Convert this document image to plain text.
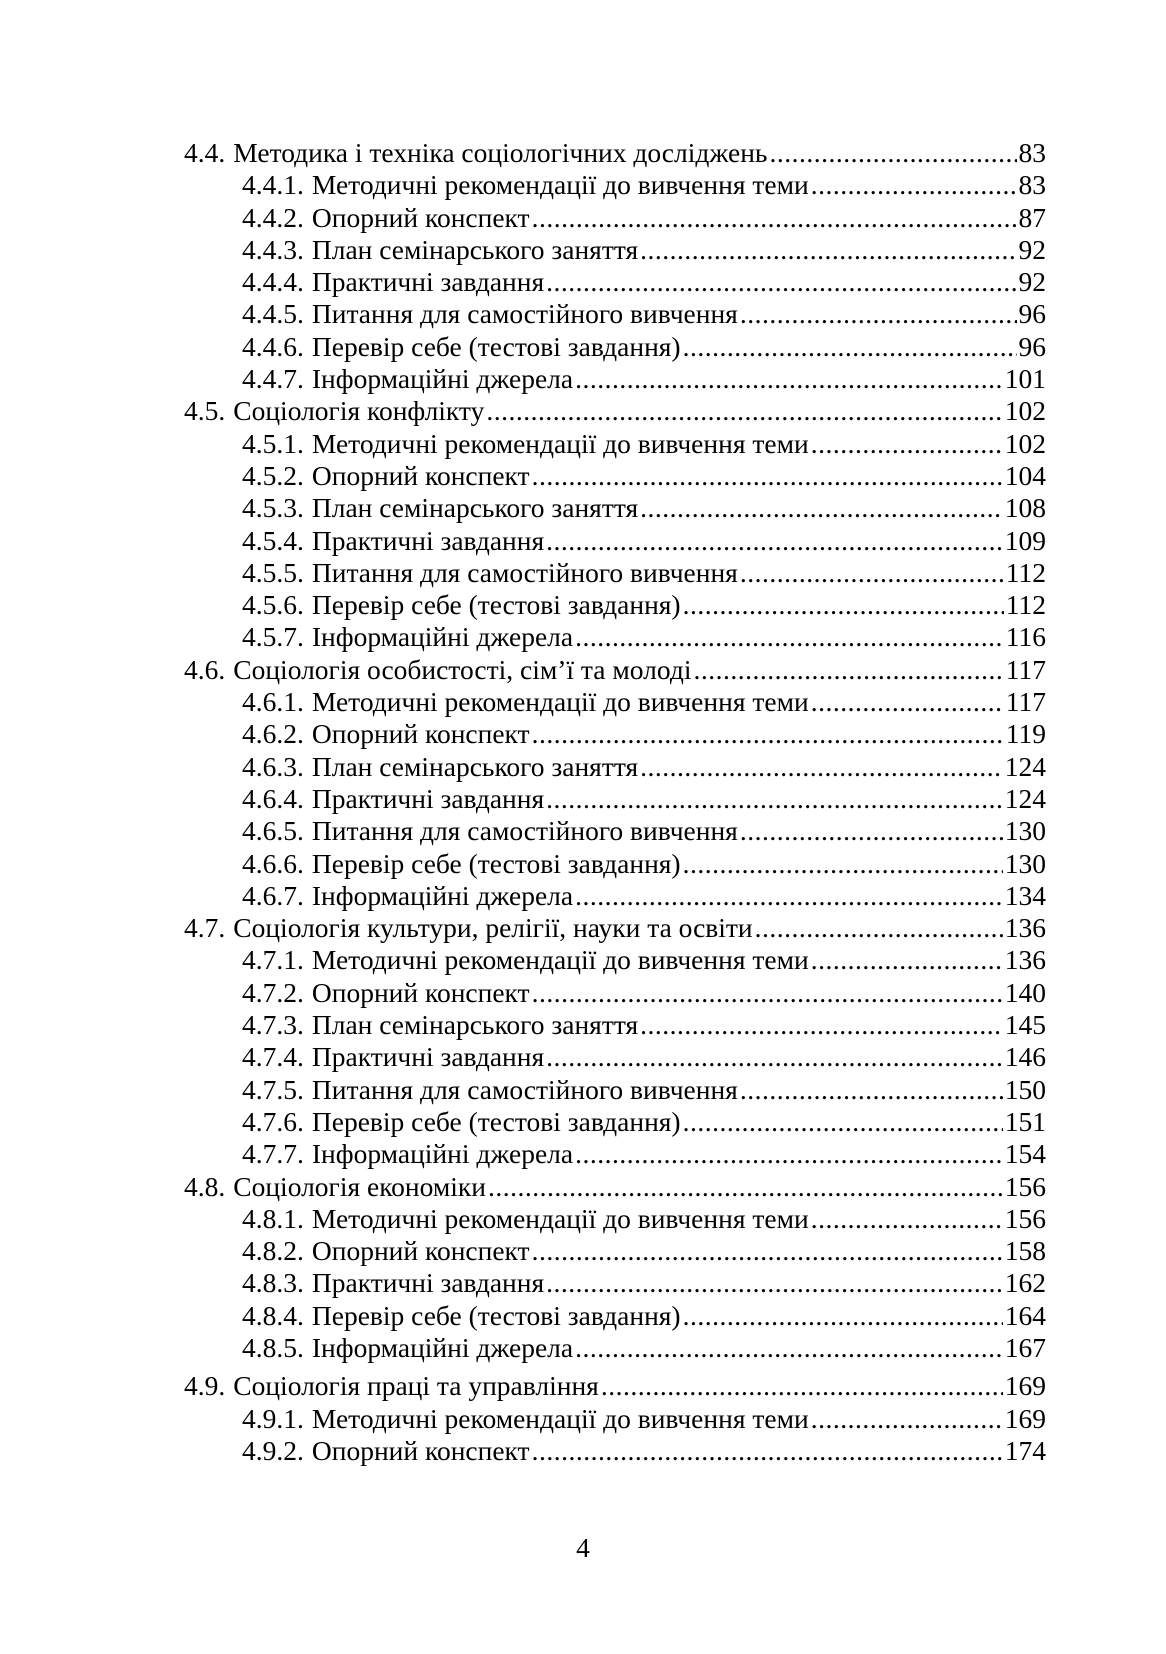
4.4. Методика і техніка соціологічних досліджень .....	83
4.4.1. Методичні рекомендації до вивчення теми .....	83
4.4.2. Опорний конспект .....	87
4.4.3. План семінарського заняття .....	92
4.4.4. Практичні завдання .....	92
4.4.5. Питання для самостійного вивчення .....	96
4.4.6. Перевір себе (тестові завдання) .....	96
4.4.7. Інформаційні джерела .....	101
4.5. Соціологія конфлікту .....	102
4.5.1. Методичні рекомендації до вивчення теми .....	102
4.5.2. Опорний конспект .....	104
4.5.3. План семінарського заняття .....	108
4.5.4. Практичні завдання .....	109
4.5.5. Питання для самостійного вивчення .....	112
4.5.6. Перевір себе (тестові завдання) .....	112
4.5.7. Інформаційні джерела .....	116
4.6. Соціологія особистості, сім’ї та молоді .....	117
4.6.1. Методичні рекомендації до вивчення теми .....	117
4.6.2. Опорний конспект .....	119
4.6.3. План семінарського заняття .....	124
4.6.4. Практичні завдання .....	124
4.6.5. Питання для самостійного вивчення .....	130
4.6.6. Перевір себе (тестові завдання) .....	130
4.6.7. Інформаційні джерела .....	134
4.7. Соціологія культури, релігії, науки та освіти .....	136
4.7.1. Методичні рекомендації до вивчення теми .....	136
4.7.2. Опорний конспект .....	140
4.7.3. План семінарського заняття .....	145
4.7.4. Практичні завдання .....	146
4.7.5. Питання для самостійного вивчення .....	150
4.7.6. Перевір себе (тестові завдання) .....	151
4.7.7. Інформаційні джерела .....	154
4.8. Соціологія економіки .....	156
4.8.1. Методичні рекомендації до вивчення теми .....	156
4.8.2. Опорний конспект .....	158
4.8.3. Практичні завдання .....	162
4.8.4. Перевір себе (тестові завдання) .....	164
4.8.5. Інформаційні джерела .....	167
4.9. Соціологія праці та управління .....	169
4.9.1. Методичні рекомендації до вивчення теми .....	169
4.9.2. Опорний конспект .....	174
4
